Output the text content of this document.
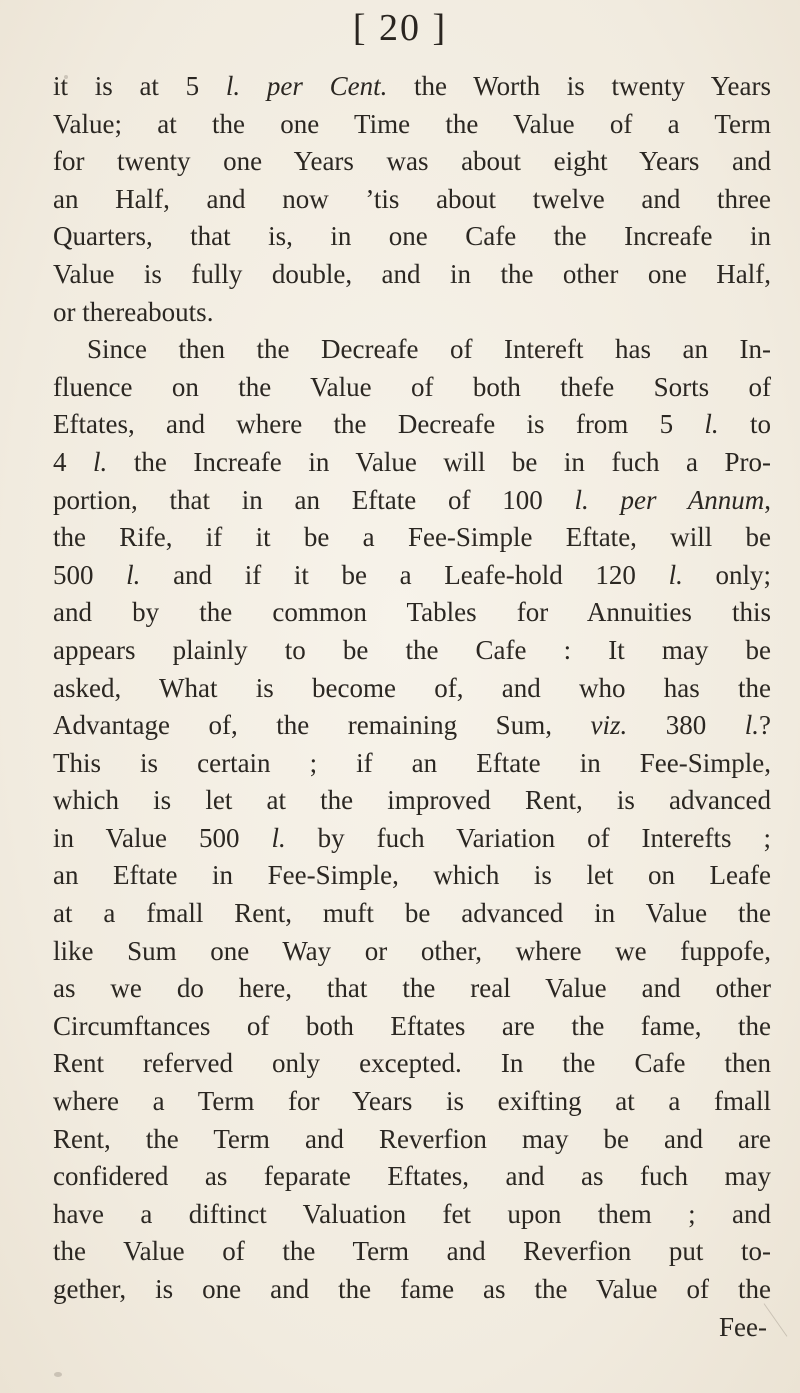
[ 20 ]
it is at 5 l. per Cent. the Worth is twenty Years
Value; at the one Time the Value of a Term
for twenty one Years was about eight Years and
an Half, and now ’tis about twelve and three
Quarters, that is, in one Cafe the Increafe in
Value is fully double, and in the other one Half,
or thereabouts.
Since then the Decreafe of Intereft has an In-
fluence on the Value of both thefe Sorts of
Eftates, and where the Decreafe is from 5 l. to
4 l. the Increafe in Value will be in fuch a Pro-
portion, that in an Eftate of 100 l. per Annum,
the Rife, if it be a Fee-Simple Eftate, will be
500 l. and if it be a Leafe-hold 120 l. only;
and by the common Tables for Annuities this
appears plainly to be the Cafe : It may be
asked, What is become of, and who has the
Advantage of, the remaining Sum, viz. 380 l.?
This is certain ; if an Eftate in Fee-Simple,
which is let at the improved Rent, is advanced
in Value 500 l. by fuch Variation of Interefts ;
an Eftate in Fee-Simple, which is let on Leafe
at a fmall Rent, muft be advanced in Value the
like Sum one Way or other, where we fuppofe,
as we do here, that the real Value and other
Circumftances of both Eftates are the fame, the
Rent referved only excepted. In the Cafe then
where a Term for Years is exifting at a fmall
Rent, the Term and Reverfion may be and are
confidered as feparate Eftates, and as fuch may
have a diftinct Valuation fet upon them ; and
the Value of the Term and Reverfion put to-
gether, is one and the fame as the Value of the
Fee-
